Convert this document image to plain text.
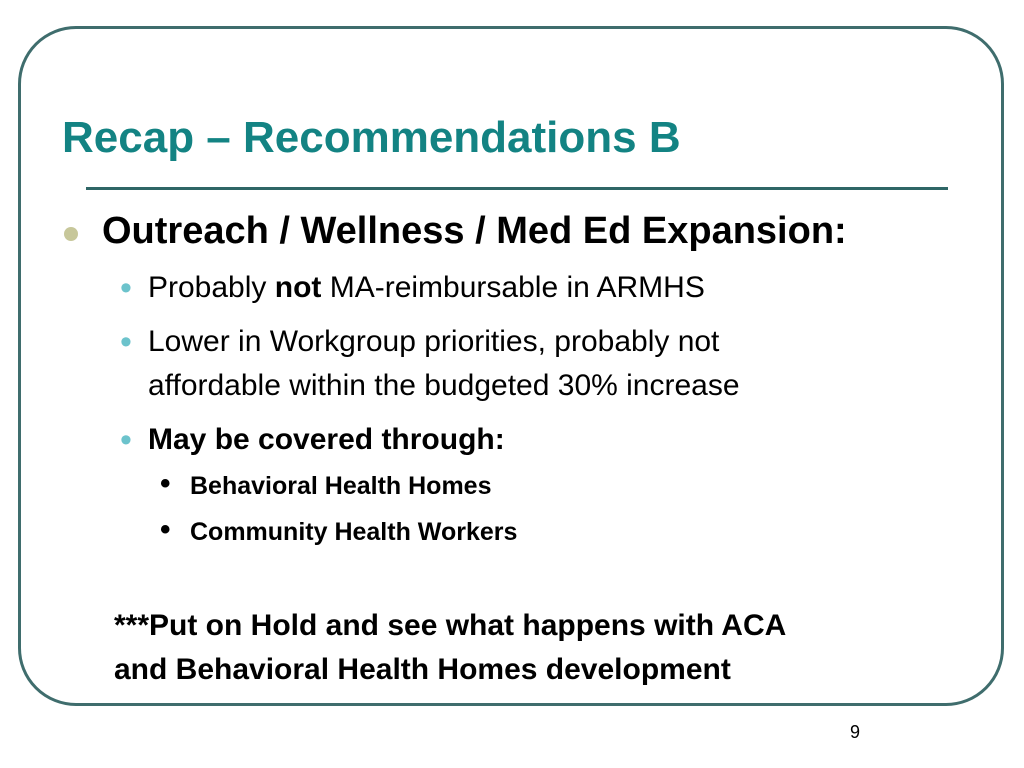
Recap – Recommendations B
Outreach / Wellness / Med Ed Expansion:
• Probably not MA-reimbursable in ARMHS
• Lower in Workgroup priorities, probably not
affordable within the budgeted 30% increase
• May be covered through:
• Behavioral Health Homes
• Community Health Workers
***Put on Hold and see what happens with ACA
and Behavioral Health Homes development
9
